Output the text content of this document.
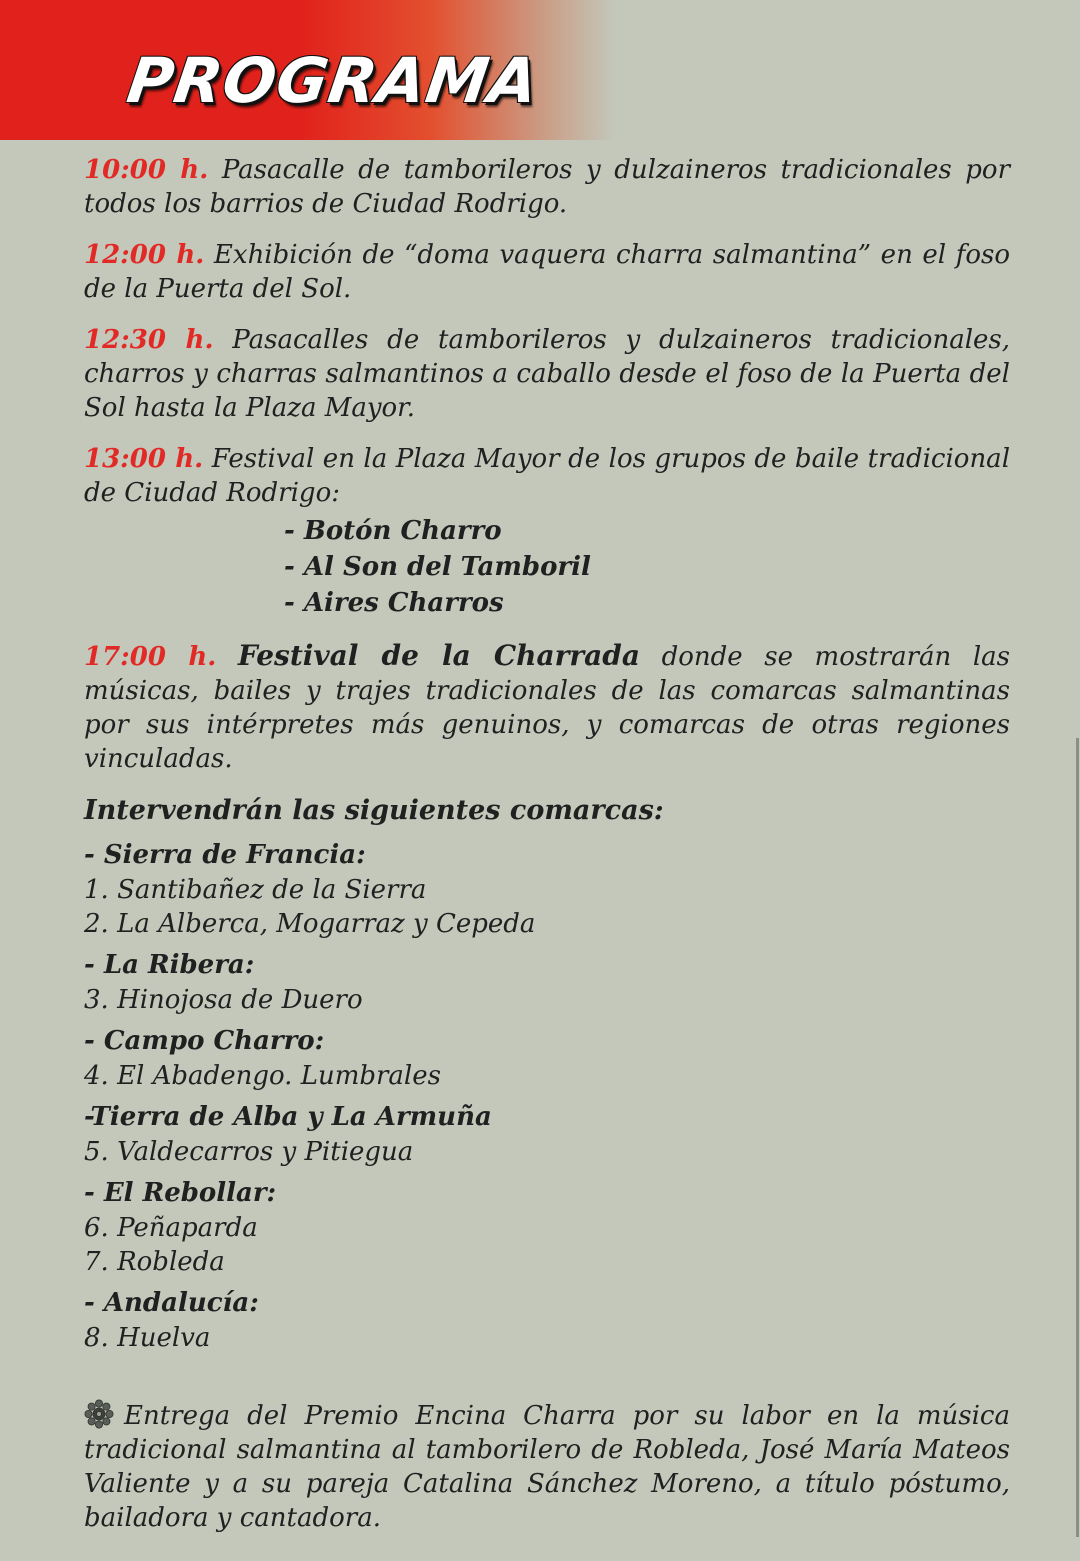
PROGRAMA

10:00 h. Pasacalle de tamborileros y dulzaineros tradicionales por todos los barrios de Ciudad Rodrigo.

12:00 h. Exhibición de “doma vaquera charra salmantina” en el foso de la Puerta del Sol.

12:30 h. Pasacalles de tamborileros y dulzaineros tradicionales, charros y charras salmantinos a caballo desde el foso de la Puerta del Sol hasta la Plaza Mayor.

13:00 h. Festival en la Plaza Mayor de los grupos de baile tradicional de Ciudad Rodrigo:

- Botón Charro
- Al Son del Tamboril
- Aires Charros

17:00 h. Festival de la Charrada donde se mostrarán las músicas, bailes y trajes tradicionales de las comarcas salmantinas por sus intérpretes más genuinos, y comarcas de otras regiones vinculadas.

Intervendrán las siguientes comarcas:
- Sierra de Francia:
1. Santibañez de la Sierra
2. La Alberca, Mogarraz y Cepeda
- La Ribera:
3. Hinojosa de Duero
- Campo Charro:
4. El Abadengo. Lumbrales
-Tierra de Alba y La Armuña
5. Valdecarros y Pitiegua
- El Rebollar:
6. Peñaparda
7. Robleda
- Andalucía:
8. Huelva

Entrega del Premio Encina Charra por su labor en la música tradicional salmantina al tamborilero de Robleda, José María Mateos Valiente y a su pareja Catalina Sánchez Moreno, a título póstumo, bailadora y cantadora.
